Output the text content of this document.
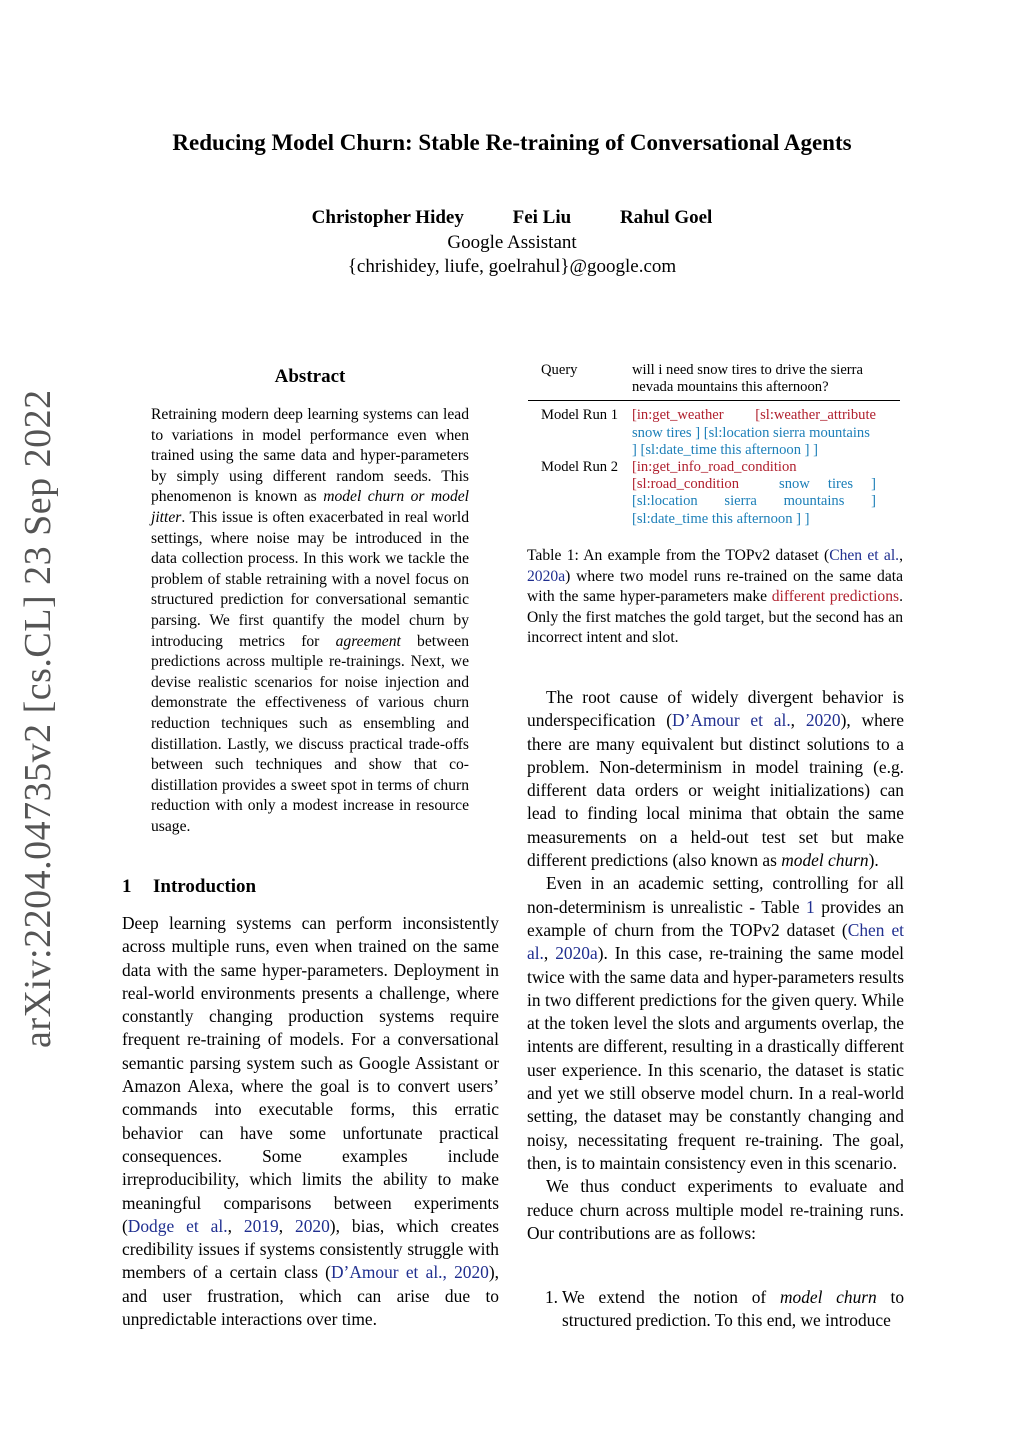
arXiv:2204.04735v2 [cs.CL] 23 Sep 2022
Reducing Model Churn: Stable Re-training of Conversational Agents
Christopher Hidey	Fei Liu	Rahul Goel
Google Assistant
{chrishidey, liufe, goelrahul}@google.com
Abstract
Retraining modern deep learning systems can lead to variations in model performance even when trained using the same data and hyper-parameters by simply using different random seeds. This phenomenon is known as model churn or model jitter. This issue is often exacerbated in real world settings, where noise may be introduced in the data collection process. In this work we tackle the problem of stable retraining with a novel focus on structured prediction for conversational semantic parsing. We first quantify the model churn by introducing metrics for agreement between predictions across multiple re-trainings. Next, we devise realistic scenarios for noise injection and demonstrate the effectiveness of various churn reduction techniques such as ensembling and distillation. Lastly, we discuss practical trade-offs between such techniques and show that co-distillation provides a sweet spot in terms of churn reduction with only a modest increase in resource usage.
1 Introduction

Deep learning systems can perform inconsistently across multiple runs, even when trained on the same data with the same hyper-parameters. Deployment in real-world environments presents a challenge, where constantly changing production systems require frequent re-training of models. For a conversational semantic parsing system such as Google Assistant or Amazon Alexa, where the goal is to convert users’ commands into executable forms, this erratic behavior can have some unfortunate practical consequences. Some examples include irreproducibility, which limits the ability to make meaningful comparisons between experiments (Dodge et al., 2019, 2020), bias, which creates credibility issues if systems consistently struggle with members of a certain class (D’Amour et al., 2020), and user frustration, which can arise due to unpredictable interactions over time.

Query	will i need snow tires to drive the sierra nevada mountains this afternoon?
Model Run 1 [in:get_weather [sl:weather_attribute
snow tires ] [sl:location sierra mountains ] [sl:date_time this afternoon ] ]
Model Run 2 [in:get_info_road_condition
[sl:road_condition	snow tires ]
[sl:location sierra mountains ]
[sl:date_time this afternoon ] ]
Table 1: An example from the TOPv2 dataset (Chen et al., 2020a) where two model runs re-trained on the same data with the same hyper-parameters make different predictions. Only the first matches the gold target, but the second has an incorrect intent and slot.

The root cause of widely divergent behavior is underspecification (D’Amour et al., 2020), where there are many equivalent but distinct solutions to a problem. Non-determinism in model training (e.g. different data orders or weight initializations) can lead to finding local minima that obtain the same measurements on a held-out test set but make different predictions (also known as model churn).

Even in an academic setting, controlling for all non-determinism is unrealistic - Table 1 provides an example of churn from the TOPv2 dataset (Chen et al., 2020a). In this case, re-training the same model twice with the same data and hyper-parameters results in two different predictions for the given query. While at the token level the slots and arguments overlap, the intents are different, resulting in a drastically different user experience. In this scenario, the dataset is static and yet we still observe model churn. In a real-world setting, the dataset may be constantly changing and noisy, necessitating frequent re-training. The goal, then, is to maintain consistency even in this scenario.

We thus conduct experiments to evaluate and reduce churn across multiple model re-training runs. Our contributions are as follows:

1. We extend the notion of model churn to structured prediction. To this end, we introduce
